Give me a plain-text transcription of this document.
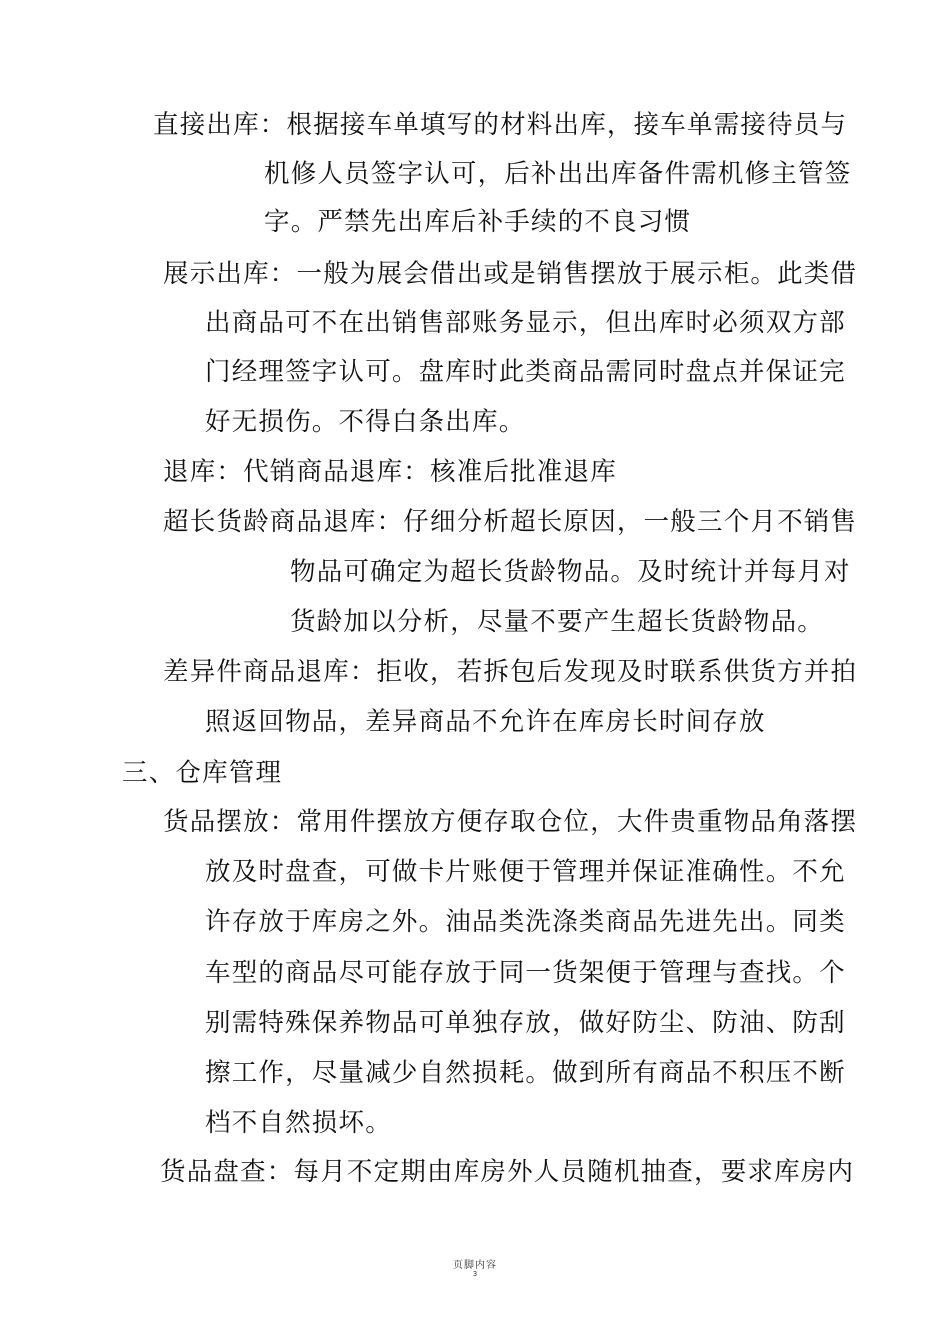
直接出库：根据接车单填写的材料出库，接车单需接待员与
机修人员签字认可，后补出出库备件需机修主管签
字。严禁先出库后补手续的不良习惯
展示出库：一般为展会借出或是销售摆放于展示柜。此类借
出商品可不在出销售部账务显示，但出库时必须双方部
门经理签字认可。盘库时此类商品需同时盘点并保证完
好无损伤。不得白条出库。
退库：代销商品退库：核准后批准退库
超长货龄商品退库：仔细分析超长原因，一般三个月不销售
物品可确定为超长货龄物品。及时统计并每月对
货龄加以分析，尽量不要产生超长货龄物品。
差异件商品退库：拒收，若拆包后发现及时联系供货方并拍
照返回物品，差异商品不允许在库房长时间存放
三、仓库管理
货品摆放：常用件摆放方便存取仓位，大件贵重物品角落摆
放及时盘查，可做卡片账便于管理并保证准确性。不允
许存放于库房之外。油品类洗涤类商品先进先出。同类
车型的商品尽可能存放于同一货架便于管理与查找。个
别需特殊保养物品可单独存放，做好防尘、防油、防刮
擦工作，尽量减少自然损耗。做到所有商品不积压不断
档不自然损坏。
货品盘查：每月不定期由库房外人员随机抽查，要求库房内
页脚内容
3
